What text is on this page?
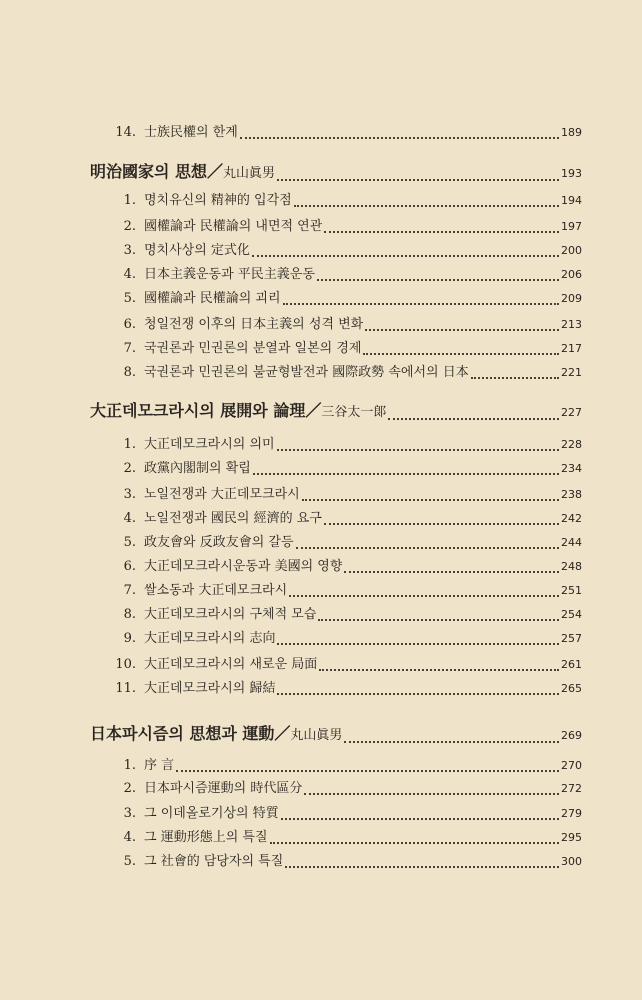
14. 士族民權의 한계	189
明治國家의 思想／丸山眞男	193
1. 명치유신의 精神的 입각점	194
2. 國權論과 民權論의 내면적 연관	197
3. 명치사상의 定式化	200
4. 日本主義운동과 平民主義운동	206
5. 國權論과 民權論의 괴리	209
6. 청일전쟁 이후의 日本主義의 성격 변화	213
7. 국권론과 민권론의 분열과 일본의 경제	217
8. 국권론과 민권론의 불균형발전과 國際政勢 속에서의 日本	221
大正데모크라시의 展開와 論理／三谷太一郞	227
1. 大正데모크라시의 의미	228
2. 政黨內閣制의 확립	234
3. 노일전쟁과 大正데모크라시	238
4. 노일전쟁과 國民의 經濟的 요구	242
5. 政友會와 反政友會의 갈등	244
6. 大正데모크라시운동과 美國의 영향	248
7. 쌀소동과 大正데모크라시	251
8. 大正데모크라시의 구체적 모습	254
9. 大正데모크라시의 志向	257
10. 大正데모크라시의 새로운 局面	261
11. 大正데모크라시의 歸結	265
日本파시즘의 思想과 運動／丸山眞男	269
1. 序 言	270
2. 日本파시즘運動의 時代區分	272
3. 그 이데올로기상의 特質	279
4. 그 運動形態上의 특질	295
5. 그 社會的 담당자의 특질	300
